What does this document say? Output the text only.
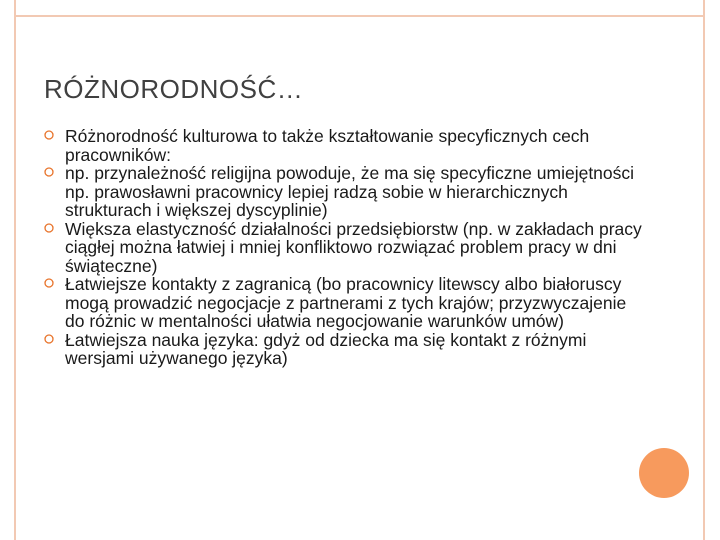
RÓŻNORODNOŚĆ…
Różnorodność kulturowa to także kształtowanie specyficznych cech pracowników:
np. przynależność religijna powoduje, że ma się specyficzne umiejętności np. prawosławni pracownicy lepiej radzą sobie w hierarchicznych strukturach i większej dyscyplinie)
Większa elastyczność działalności przedsiębiorstw (np. w zakładach pracy ciągłej można łatwiej i mniej konfliktowo rozwiązać problem pracy w dni świąteczne)
Łatwiejsze kontakty z zagranicą (bo pracownicy litewscy albo białoruscy mogą prowadzić negocjacje z partnerami z tych krajów; przyzwyczajenie do różnic w mentalności ułatwia negocjowanie warunków umów)
Łatwiejsza nauka języka: gdyż od dziecka ma się kontakt z różnymi wersjami używanego języka)
